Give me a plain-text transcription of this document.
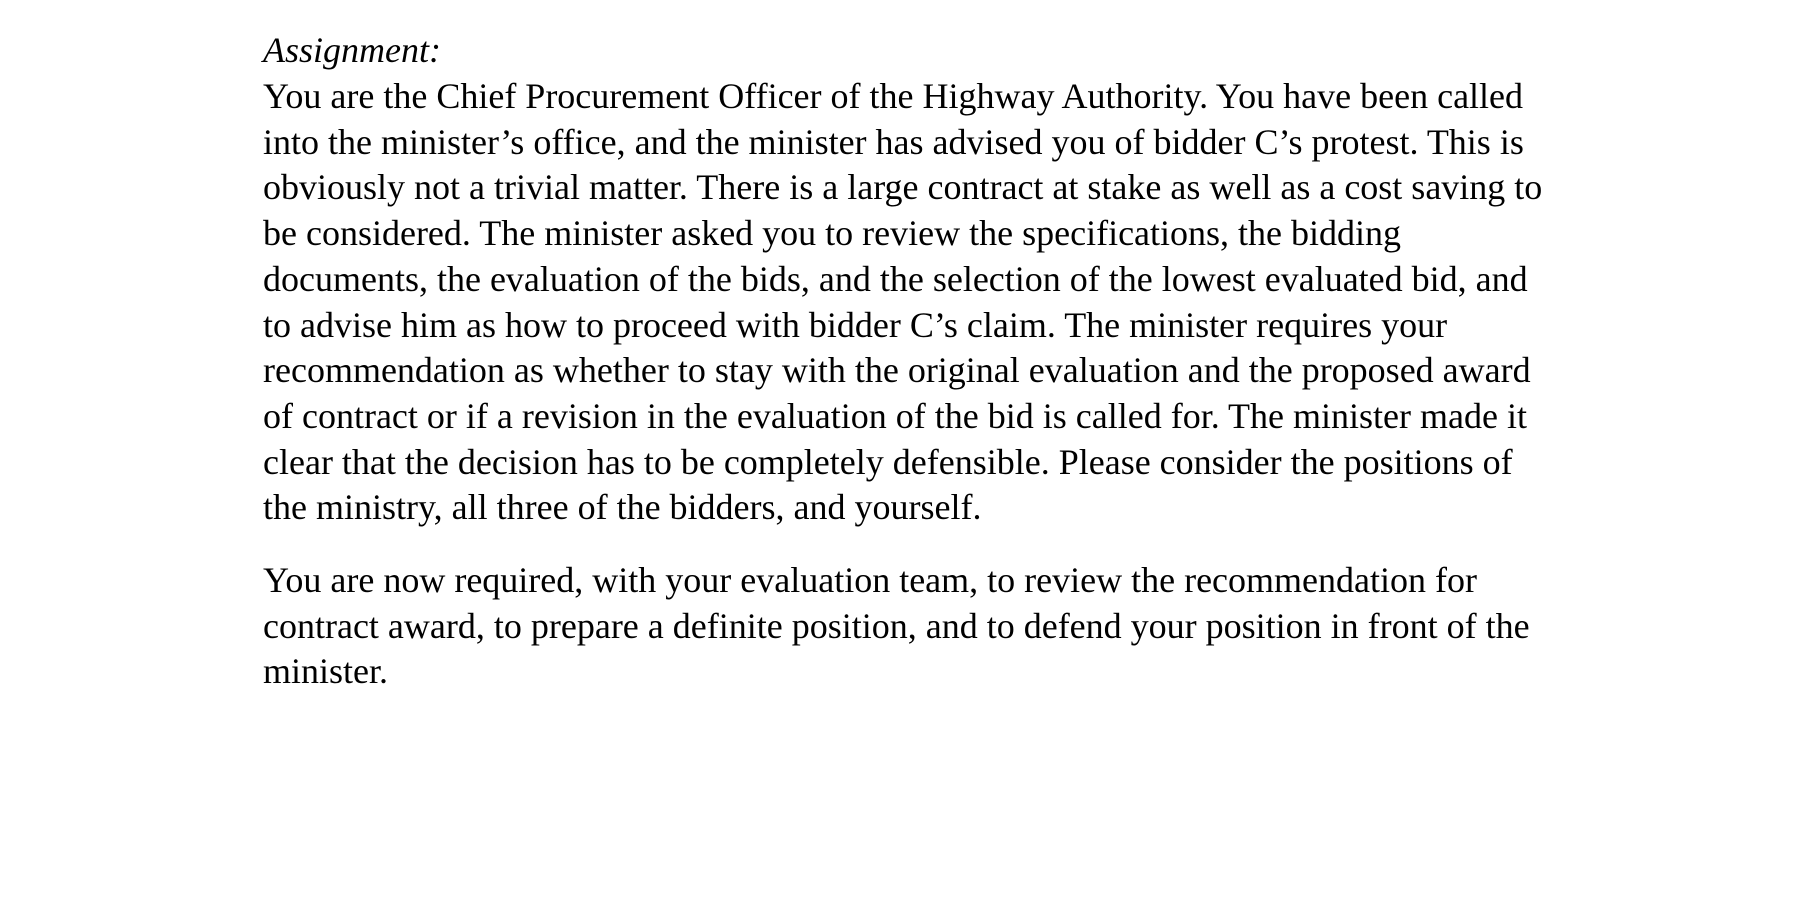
Assignment:

You are the Chief Procurement Officer of the Highway Authority. You have been called
into the minister’s office, and the minister has advised you of bidder C’s protest. This is
obviously not a trivial matter. There is a large contract at stake as well as a cost saving to
be considered. The minister asked you to review the specifications, the bidding
documents, the evaluation of the bids, and the selection of the lowest evaluated bid, and
to advise him as how to proceed with bidder C’s claim. The minister requires your
recommendation as whether to stay with the original evaluation and the proposed award
of contract or if a revision in the evaluation of the bid is called for. The minister made it
clear that the decision has to be completely defensible. Please consider the positions of
the ministry, all three of the bidders, and yourself.

You are now required, with your evaluation team, to review the recommendation for
contract award, to prepare a definite position, and to defend your position in front of the
minister.
